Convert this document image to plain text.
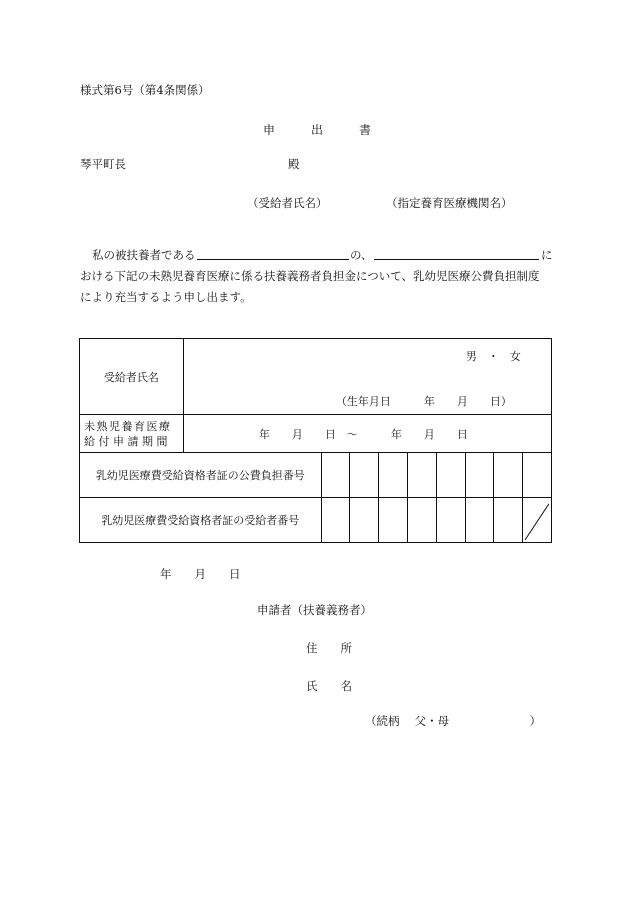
様式第6号（第4条関係）
申　　　出　　　書
琴平町長	殿
（受給者氏名）	（指定養育医療機関名）
私の被扶養者である	の、	に
おける下記の未熟児養育医療に係る扶養義務者負担金について、乳幼児医療公費負担制度
により充当するよう申し出ます。
受給者氏名	男　・　女
（生年月日　　　年　　月　　日）								

未熟児養育医療
給付申請期間	年　　月　　日　～　　　年　　月　　日								
乳幼児医療費受給資格者証の公費負担番号									
乳幼児医療費受給資格者証の受給者番号								
年　　月　　日
申請者（扶養義務者）
住　　所
氏　　名
（続柄　 父・母　　　　　　　）
